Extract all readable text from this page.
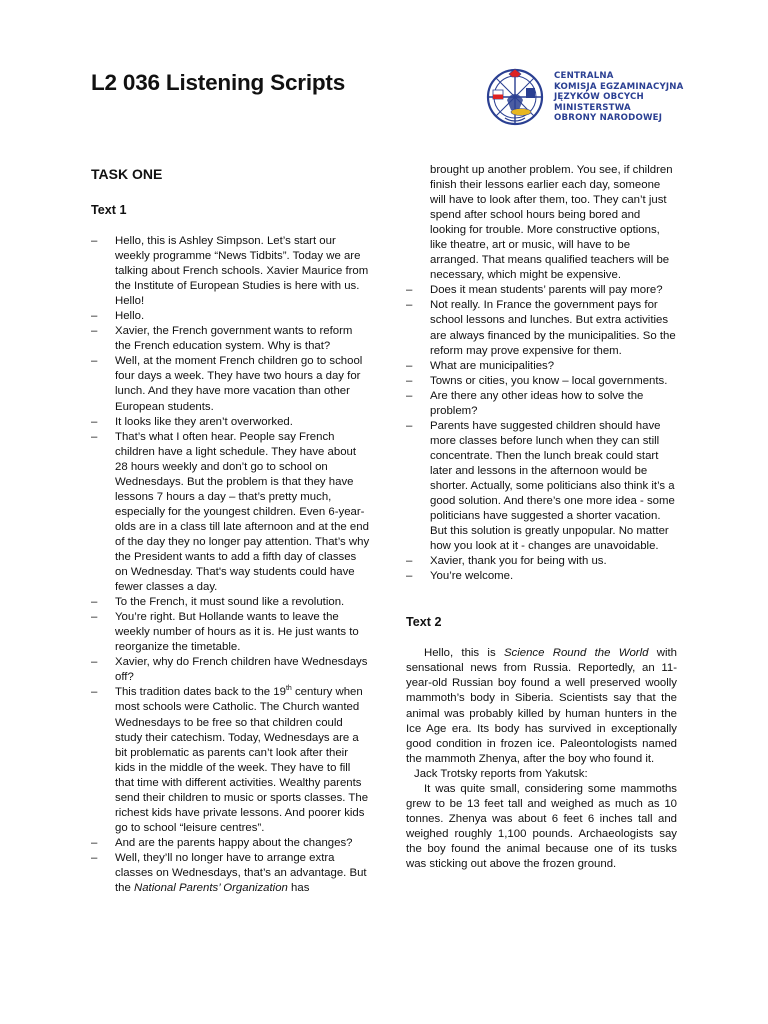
L2 036 Listening Scripts	CENTRALNA
KOMISJA EGZAMINACYJNA
JĘZYKÓW OBCYCH
MINISTERSTWA
OBRONY NARODOWEJ
TASK ONE
Text 1
– Hello, this is Ashley Simpson. Let’s start our weekly programme “News Tidbits”. Today we are talking about French schools. Xavier Maurice from the Institute of European Studies is here with us. Hello!
– Hello.
– Xavier, the French government wants to reform the French education system. Why is that?
– Well, at the moment French children go to school four days a week. They have two hours a day for lunch. And they have more vacation than other European students.
– It looks like they aren’t overworked.
– That’s what I often hear. People say French children have a light schedule. They have about 28 hours weekly and don’t go to school on Wednesdays. But the problem is that they have lessons 7 hours a day – that’s pretty much, especially for the youngest children. Even 6-year-olds are in a class till late afternoon and at the end of the day they no longer pay attention. That’s why the President wants to add a fifth day of classes on Wednesday. That's way students could have fewer classes a day.
– To the French, it must sound like a revolution.
– You’re right. But Hollande wants to leave the weekly number of hours as it is. He just wants to reorganize the timetable.
– Xavier, why do French children have Wednesdays off?
– This tradition dates back to the 19th century when most schools were Catholic. The Church wanted Wednesdays to be free so that children could study their catechism. Today, Wednesdays are a bit problematic as parents can’t look after their kids in the middle of the week. They have to fill that time with different activities. Wealthy parents send their children to music or sports classes. The richest kids have private lessons. And poorer kids go to school “leisure centres”.
– And are the parents happy about the changes?
– Well, they’ll no longer have to arrange extra classes on Wednesdays, that’s an advantage. But the National Parents’ Organization has
brought up another problem. You see, if children finish their lessons earlier each day, someone will have to look after them, too. They can’t just spend after school hours being bored and looking for trouble. More constructive options, like theatre, art or music, will have to be arranged. That means qualified teachers will be necessary, which might be expensive.
– Does it mean students’ parents will pay more?
– Not really. In France the government pays for school lessons and lunches. But extra activities are always financed by the municipalities. So the reform may prove expensive for them.
– What are municipalities?
– Towns or cities, you know – local governments.
– Are there any other ideas how to solve the problem?
– Parents have suggested children should have more classes before lunch when they can still concentrate. Then the lunch break could start later and lessons in the afternoon would be shorter. Actually, some politicians also think it’s a good solution. And there’s one more idea - some politicians have suggested a shorter vacation. But this solution is greatly unpopular. No matter how you look at it - changes are unavoidable.
– Xavier, thank you for being with us.
– You’re welcome.
Text 2

Hello, this is Science Round the World with sensational news from Russia. Reportedly, an 11-year-old Russian boy found a well preserved woolly mammoth’s body in Siberia. Scientists say that the animal was probably killed by human hunters in the Ice Age era. Its body has survived in exceptionally good condition in frozen ice. Paleontologists named the mammoth Zhenya, after the boy who found it.

Jack Trotsky reports from Yakutsk:

It was quite small, considering some mammoths grew to be 13 feet tall and weighed as much as 10 tonnes. Zhenya was about 6 feet 6 inches tall and weighed roughly 1,100 pounds. Archaeologists say the boy found the animal because one of its tusks was sticking out above the frozen ground.
